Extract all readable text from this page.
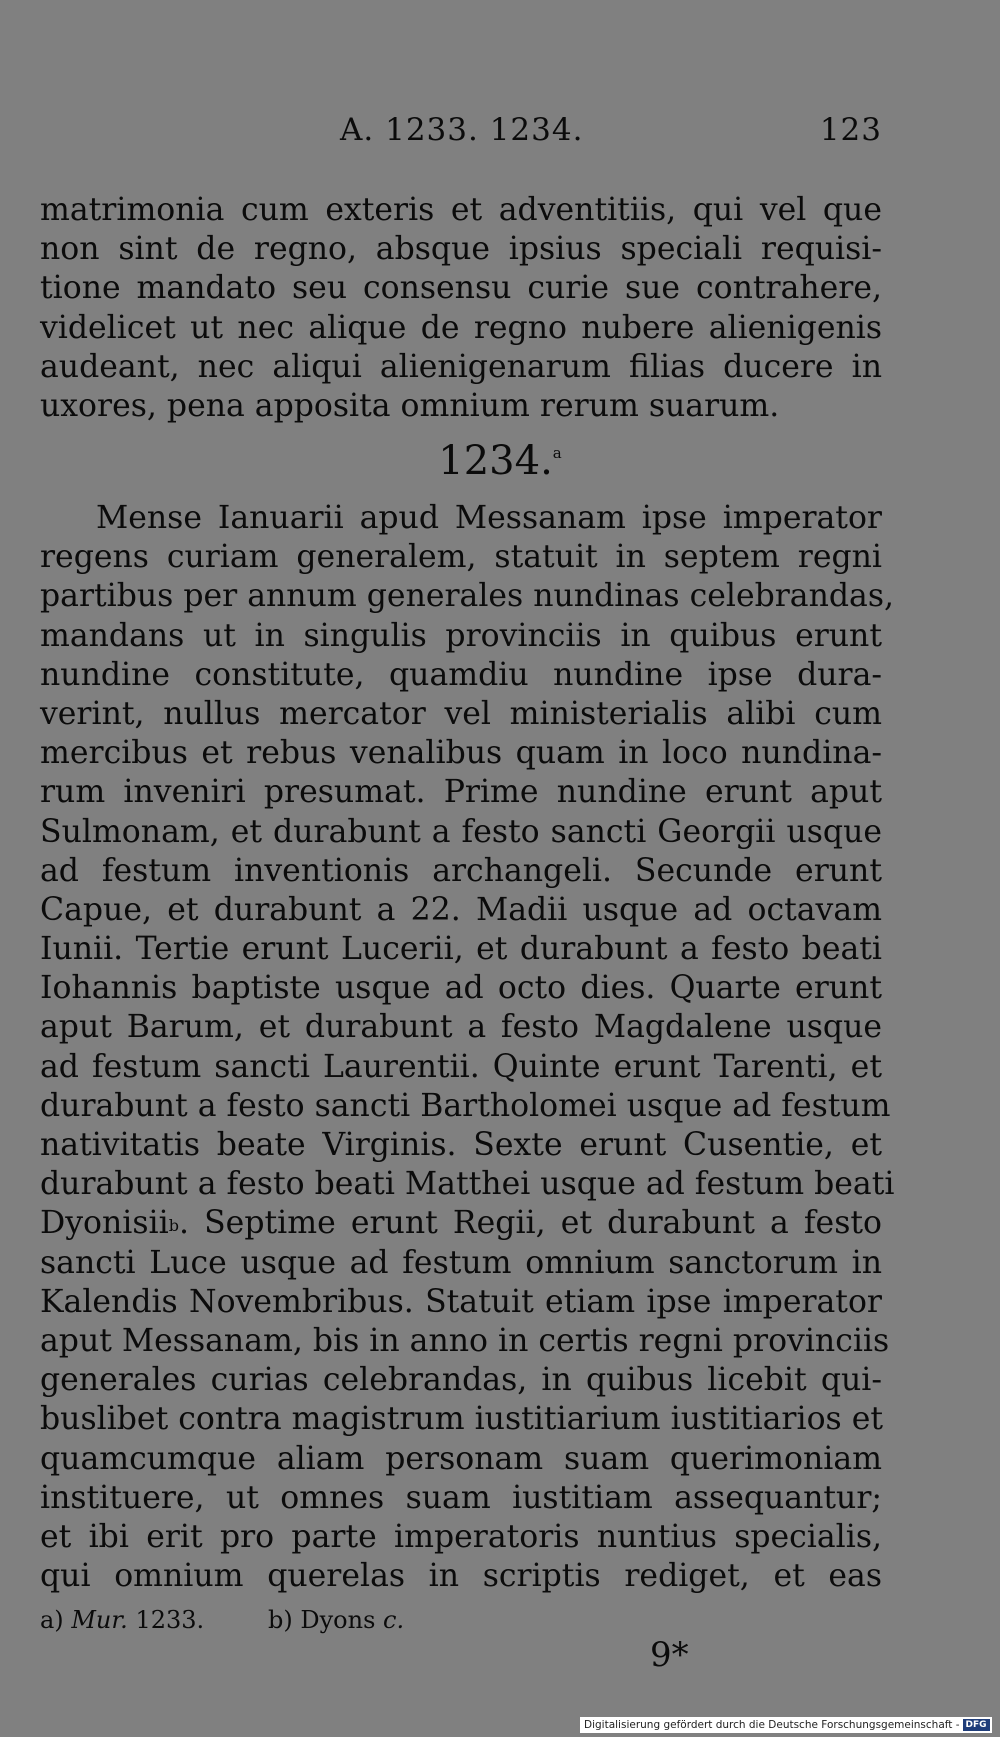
A. 1233. 1234.	123
matrimonia cum exteris et adventitiis, qui vel que
non sint de regno, absque ipsius speciali requisi-
tione mandato seu consensu curie sue contrahere,
videlicet ut nec alique de regno nubere alienigenis
audeant, nec aliqui alienigenarum filias ducere in
uxores, pena apposita omnium rerum suarum.
1234.$^a$
Mense Ianuarii apud Messanam ipse imperator
regens curiam generalem, statuit in septem regni
partibus per annum generales nundinas celebrandas,
mandans ut in singulis provinciis in quibus erunt
nundine constitute, quamdiu nundine ipse dura-
verint, nullus mercator vel ministerialis alibi cum
mercibus et rebus venalibus quam in loco nundina-
rum inveniri presumat. Prime nundine erunt aput
Sulmonam, et durabunt a festo sancti Georgii usque
ad festum inventionis archangeli. Secunde erunt
Capue, et durabunt a 22. Madii usque ad octavam
Iunii. Tertie erunt Lucerii, et durabunt a festo beati
Iohannis baptiste usque ad octo dies. Quarte erunt
aput Barum, et durabunt a festo Magdalene usque
ad festum sancti Laurentii. Quinte erunt Tarenti, et
durabunt a festo sancti Bartholomei usque ad festum
nativitatis beate Virginis. Sexte erunt Cusentie, et
durabunt a festo beati Matthei usque ad festum beati
Dyonisii$^b$. Septime erunt Regii, et durabunt a festo
sancti Luce usque ad festum omnium sanctorum in
Kalendis Novembribus. Statuit etiam ipse imperator
aput Messanam, bis in anno in certis regni provinciis
generales curias celebrandas, in quibus licebit qui-
buslibet contra magistrum iustitiarium iustitiarios et
quamcumque aliam personam suam querimoniam
instituere, ut omnes suam iustitiam assequantur;
et ibi erit pro parte imperatoris nuntius specialis,
qui omnium querelas in scriptis rediget, et eas
a) Mur. 1233.	b) Dyons c.
9*
Digitalisierung gefördert durch die Deutsche Forschungsgemeinschaft - DFG
